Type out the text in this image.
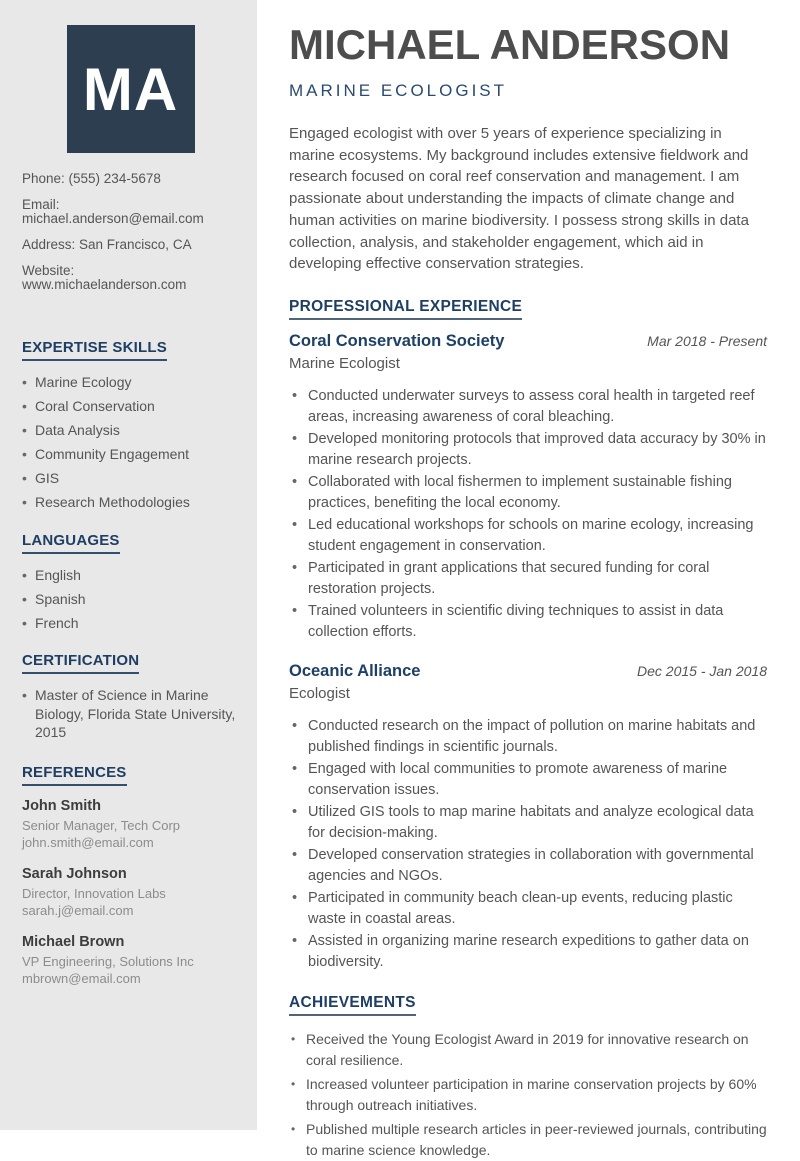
MA
Phone: (555) 234-5678
Email: michael.anderson@email.com
Address: San Francisco, CA
Website: www.michaelanderson.com
EXPERTISE SKILLS
• Marine Ecology
• Coral Conservation
• Data Analysis
• Community Engagement
• GIS
• Research Methodologies
LANGUAGES
• English
• Spanish
• French
CERTIFICATION
• Master of Science in Marine Biology, Florida State University, 2015
REFERENCES
John Smith
Senior Manager, Tech Corp
john.smith@email.com
Sarah Johnson
Director, Innovation Labs
sarah.j@email.com
Michael Brown
VP Engineering, Solutions Inc
mbrown@email.com
MICHAEL ANDERSON
MARINE ECOLOGIST

Engaged ecologist with over 5 years of experience specializing in marine ecosystems. My background includes extensive fieldwork and research focused on coral reef conservation and management. I am passionate about understanding the impacts of climate change and human activities on marine biodiversity. I possess strong skills in data collection, analysis, and stakeholder engagement, which aid in developing effective conservation strategies.

PROFESSIONAL EXPERIENCE
Coral Conservation Society	Mar 2018 - Present
Marine Ecologist
• Conducted underwater surveys to assess coral health in targeted reef areas, increasing awareness of coral bleaching.
• Developed monitoring protocols that improved data accuracy by 30% in marine research projects.
• Collaborated with local fishermen to implement sustainable fishing practices, benefiting the local economy.
• Led educational workshops for schools on marine ecology, increasing student engagement in conservation.
• Participated in grant applications that secured funding for coral restoration projects.
• Trained volunteers in scientific diving techniques to assist in data collection efforts.
Oceanic Alliance	Dec 2015 - Jan 2018
Ecologist
• Conducted research on the impact of pollution on marine habitats and published findings in scientific journals.
• Engaged with local communities to promote awareness of marine conservation issues.
• Utilized GIS tools to map marine habitats and analyze ecological data for decision-making.
• Developed conservation strategies in collaboration with governmental agencies and NGOs.
• Participated in community beach clean-up events, reducing plastic waste in coastal areas.
• Assisted in organizing marine research expeditions to gather data on biodiversity.
ACHIEVEMENTS
• Received the Young Ecologist Award in 2019 for innovative research on coral resilience.
• Increased volunteer participation in marine conservation projects by 60% through outreach initiatives.
• Published multiple research articles in peer-reviewed journals, contributing to marine science knowledge.
